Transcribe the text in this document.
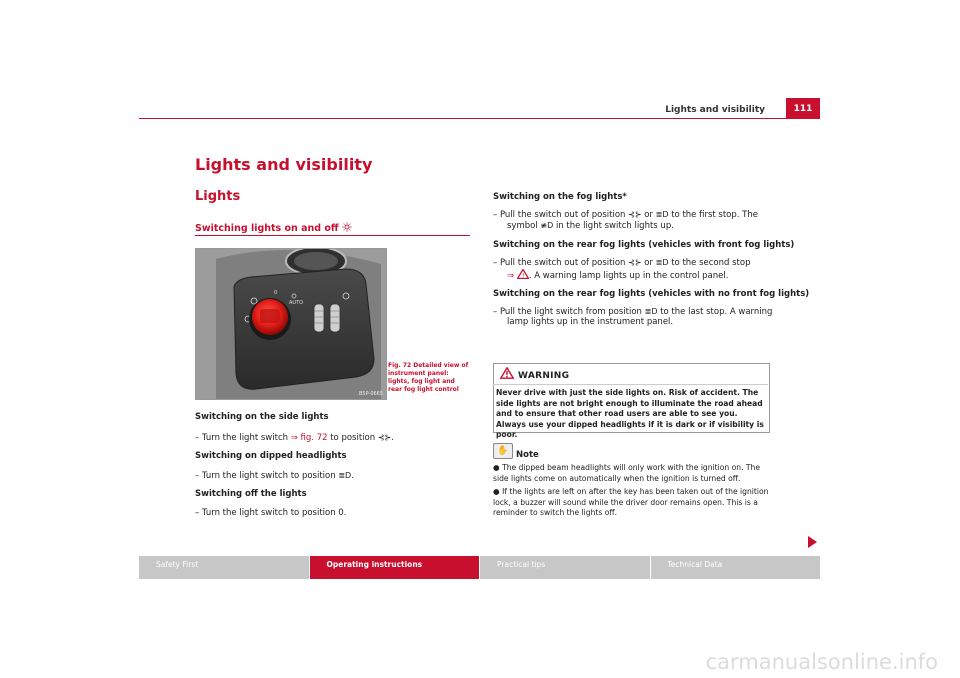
Lights and visibility	111
Lights and visibility
Lights
Switching lights on and off
AUTO
0
B5P-0665
Fig. 72 Detailed view of instrument panel: lights, fog light and rear fog light control
Switching on the side lights
– Turn the light switch ⇒ fig. 72 to position ⊰⊱.
Switching on dipped headlights
– Turn the light switch to position ≣D.
Switching off the lights
– Turn the light switch to position 0.
Switching on the fog lights*
– Pull the switch out of position ⊰⊱ or ≣D to the first stop. The
symbol ≢D in the light switch lights up.
Switching on the rear fog lights (vehicles with front fog lights)
– Pull the switch out of position ⊰⊱ or ≣D to the second stop
⇒ ! . A warning lamp lights up in the control panel.
Switching on the rear fog lights (vehicles with no front fog lights)
– Pull the light switch from position ≣D to the last stop. A warning
lamp lights up in the instrument panel.
WARNING
Never drive with just the side lights on. Risk of accident. The side lights are not bright enough to illuminate the road ahead and to ensure that other road users are able to see you. Always use your dipped headlights if it is dark or if visibility is poor.
✋ Note
● The dipped beam headlights will only work with the ignition on. The side lights come on automatically when the ignition is turned off.
● If the lights are left on after the key has been taken out of the ignition lock, a buzzer will sound while the driver door remains open. This is a reminder to switch the lights off.
Safety First	Operating instructions	Practical tips	Technical Data
carmanualsonline.info
